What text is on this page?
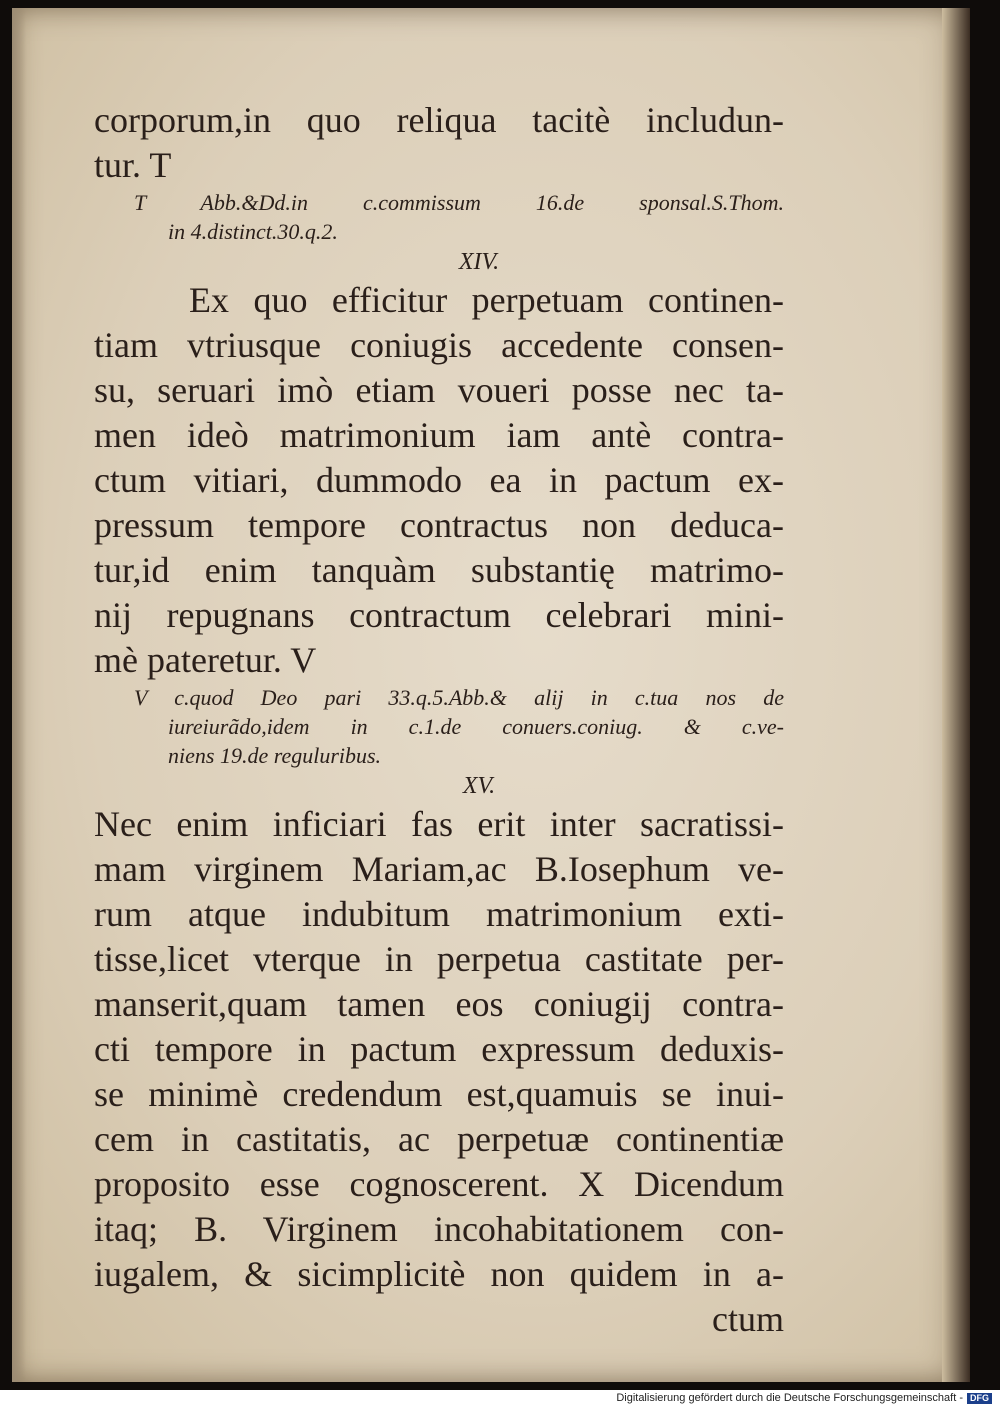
corporum,in quo reliqua tacitè includun-
tur. T
T Abb.&Dd.in c.commissum 16.de sponsal.S.Thom.
in 4.distinct.30.q.2.
XIV.
Ex quo efficitur perpetuam continen-
tiam vtriusque coniugis accedente consen-
su, seruari imò etiam voueri posse nec ta-
men ideò matrimonium iam antè contra-
ctum vitiari, dummodo ea in pactum ex-
pressum tempore contractus non deduca-
tur,id enim tanquàm substantię matrimo-
nij repugnans contractum celebrari mini-
mè pateretur. V
V c.quod Deo pari 33.q.5.Abb.& alij in c.tua nos de
iureiurãdo,idem in c.1.de conuers.coniug. & c.ve-
niens 19.de reguluribus.
XV.
Nec enim inficiari fas erit inter sacratissi-
mam virginem Mariam,ac B.Iosephum ve-
rum atque indubitum matrimonium exti-
tisse,licet vterque in perpetua castitate per-
manserit,quam tamen eos coniugij contra-
cti tempore in pactum expressum deduxis-
se minimè credendum est,quamuis se inui-
cem in castitatis, ac perpetuæ continentiæ
proposito esse cognoscerent. X Dicendum
itaq; B. Virginem incohabitationem con-
iugalem, & sicimplicitè non quidem in a-
ctum
Digitalisierung gefördert durch die Deutsche Forschungsgemeinschaft - DFG
